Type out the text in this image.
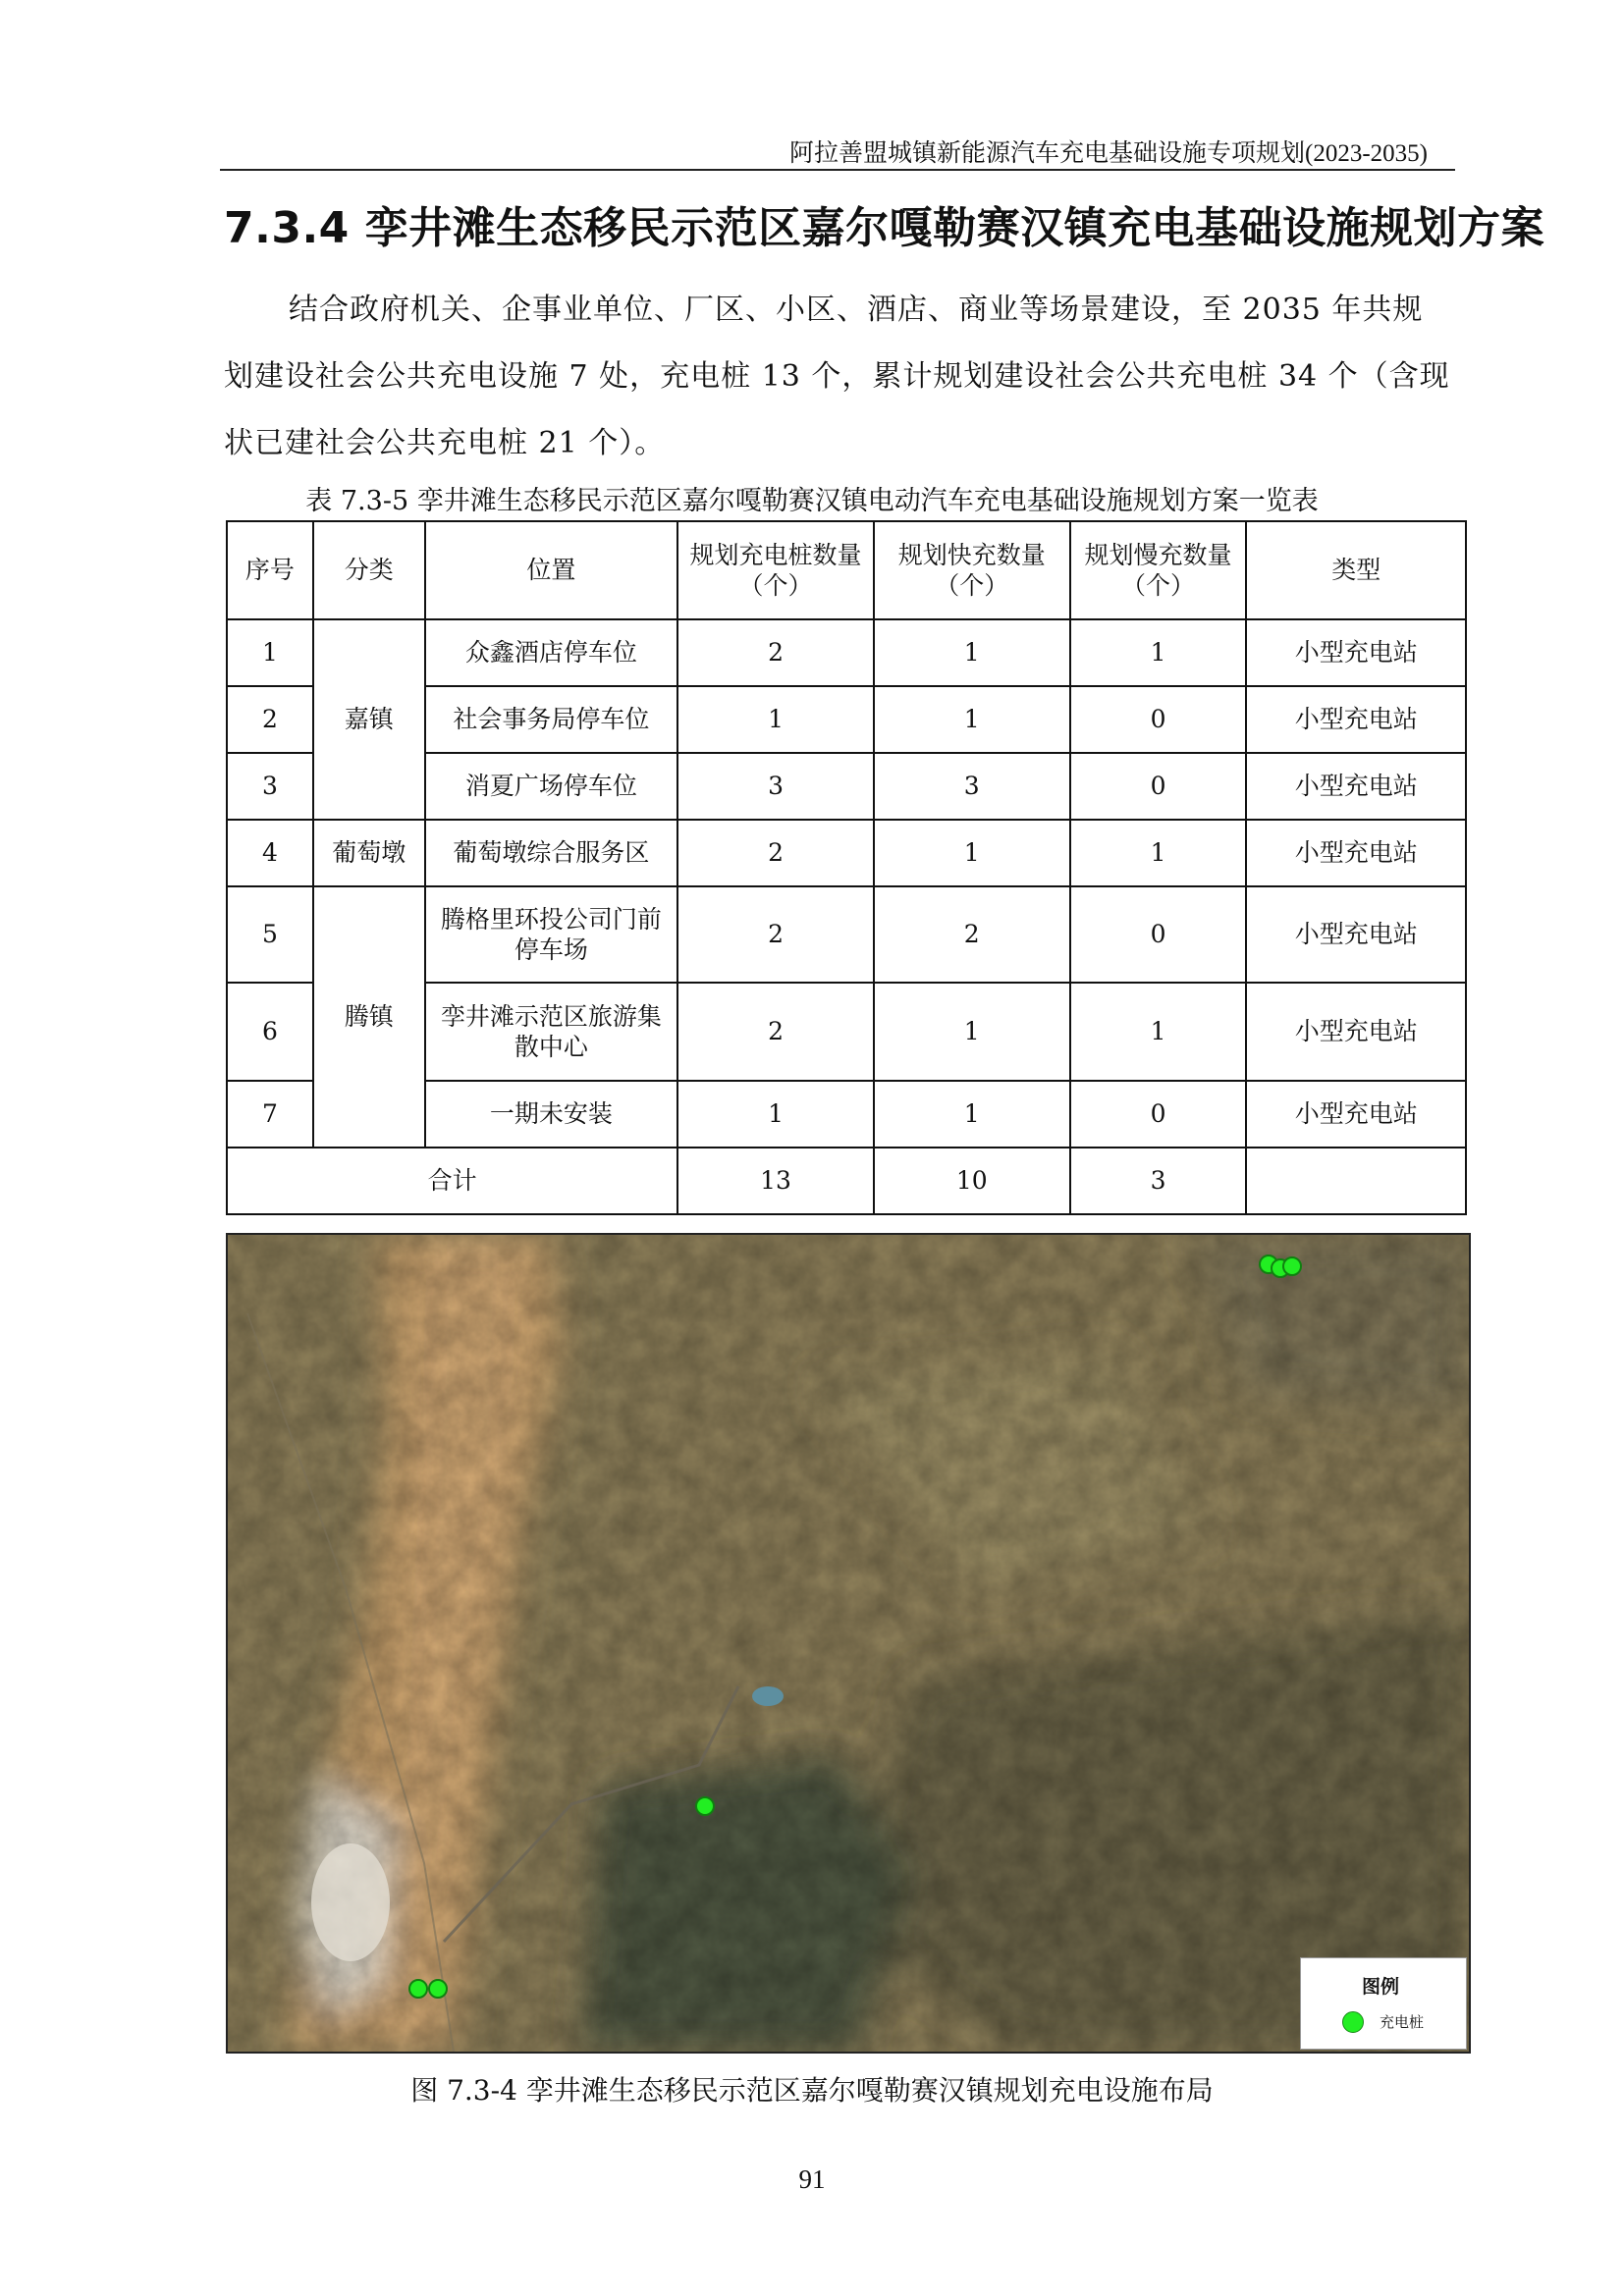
阿拉善盟城镇新能源汽车充电基础设施专项规划(2023-2035)
7.3.4 孪井滩生态移民示范区嘉尔嘎勒赛汉镇充电基础设施规划方案
结合政府机关、企事业单位、厂区、小区、酒店、商业等场景建设，至 2035 年共规划建设社会公共充电设施 7 处，充电桩 13 个，累计规划建设社会公共充电桩 34 个（含现状已建社会公共充电桩 21 个）。
表 7.3-5 孪井滩生态移民示范区嘉尔嘎勒赛汉镇电动汽车充电基础设施规划方案一览表
序号	分类	位置	规划充电桩数量（个）	规划快充数量（个）	规划慢充数量（个）	类型
1	嘉镇	众鑫酒店停车位	2	1	1	小型充电站
2		社会事务局停车位	1	1	0	小型充电站
3		消夏广场停车位	3	3	0	小型充电站
4	葡萄墩	葡萄墩综合服务区	2	1	1	小型充电站
5	腾镇	腾格里环投公司门前停车场	2	2	0	小型充电站
6		孪井滩示范区旅游集散中心	2	1	1	小型充电站
7		一期未安装	1	1	0	小型充电站
合计			13	10	3	
图例
充电桩
图 7.3-4 孪井滩生态移民示范区嘉尔嘎勒赛汉镇规划充电设施布局
91
